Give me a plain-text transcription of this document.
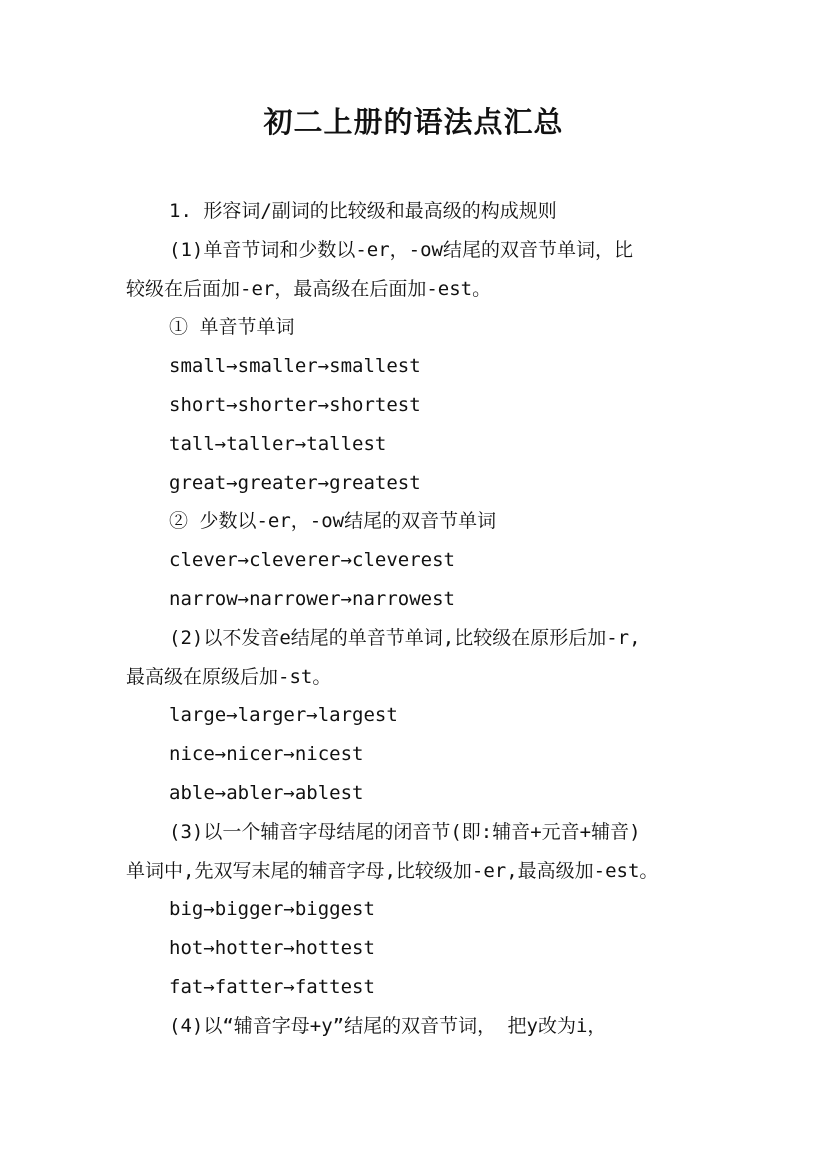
初二上册的语法点汇总

1. 形容词/副词的比较级和最高级的构成规则

(1)单音节词和少数以-er，-ow结尾的双音节单词，比

较级在后面加-er，最高级在后面加-est。

① 单音节单词

small→smaller→smallest

short→shorter→shortest

tall→taller→tallest

great→greater→greatest

② 少数以-er，-ow结尾的双音节单词

clever→cleverer→cleverest

narrow→narrower→narrowest

(2)以不发音e结尾的单音节单词,比较级在原形后加-r,

最高级在原级后加-st。

large→larger→largest

nice→nicer→nicest

able→abler→ablest

(3)以一个辅音字母结尾的闭音节(即:辅音+元音+辅音)

单词中,先双写末尾的辅音字母,比较级加-er,最高级加-est。

big→bigger→biggest

hot→hotter→hottest

fat→fatter→fattest

(4)以“辅音字母+y”结尾的双音节词， 把y改为i，
